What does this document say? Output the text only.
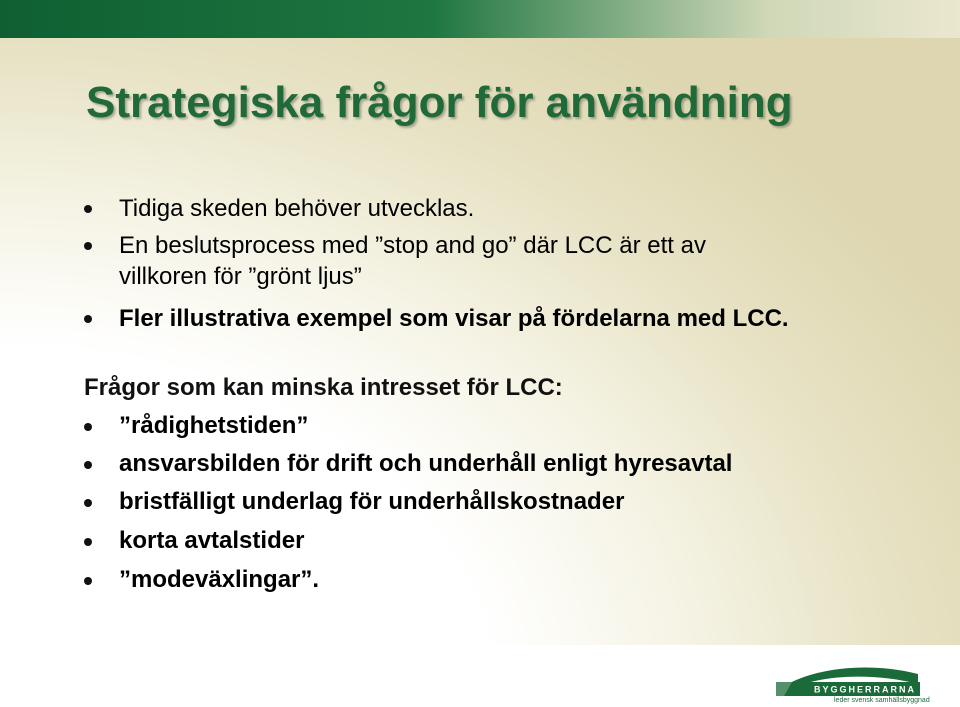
Strategiska frågor för användning
Tidiga skeden behöver utvecklas.
En beslutsprocess med ”stop and go” där LCC är ett av
villkoren för ”grönt ljus”
Fler illustrativa exempel som visar på fördelarna med LCC.

Frågor som kan minska intresset för LCC:

”rådighetstiden”
ansvarsbilden för drift och underhåll enligt hyresavtal
bristfälligt underlag för underhållskostnader
korta avtalstider
”modeväxlingar”.
BYGGHERRARNA
leder svensk samhällsbyggnad
